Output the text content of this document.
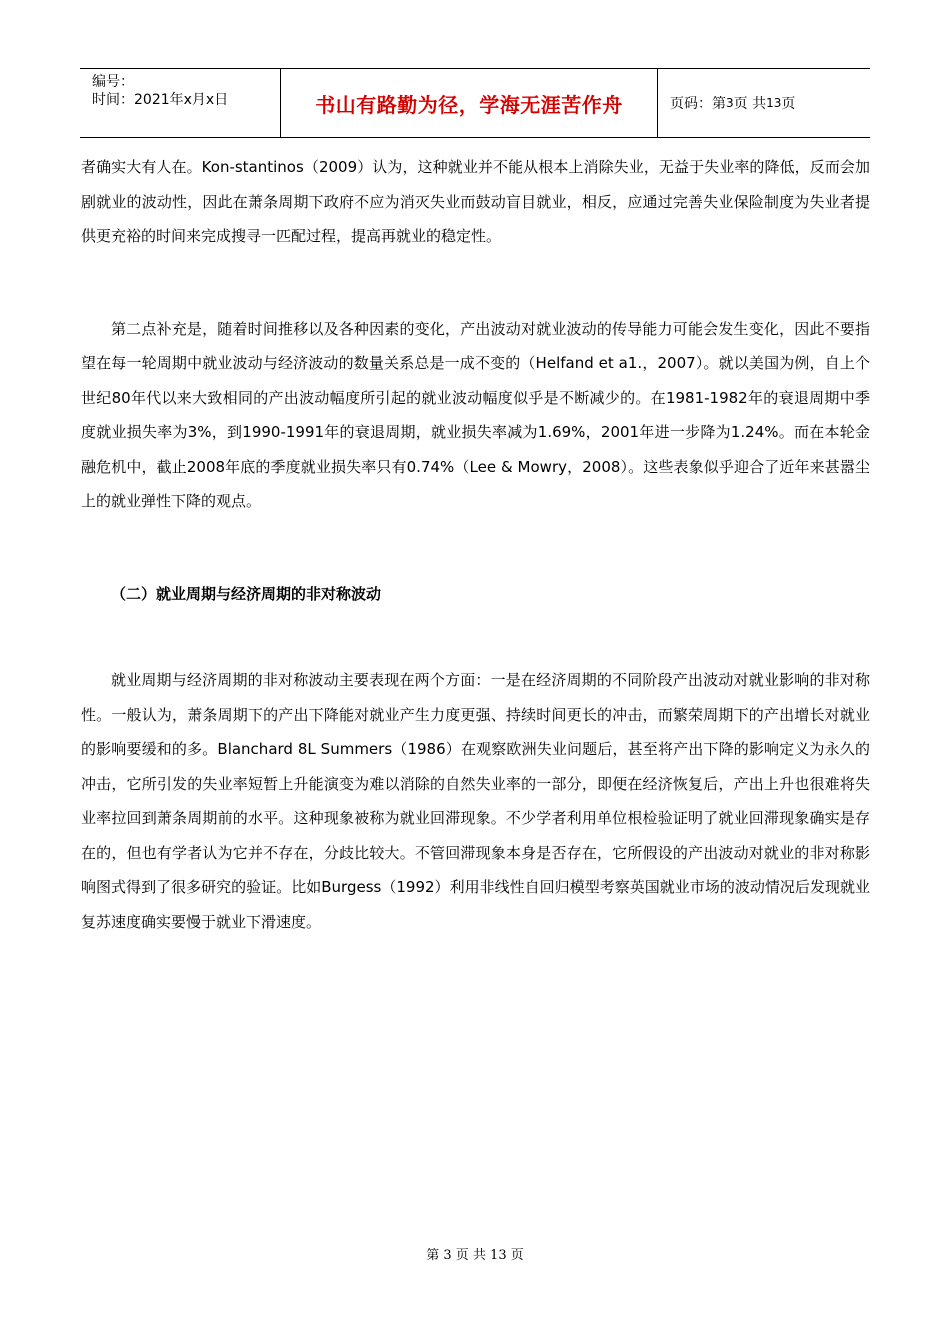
编号：
时间：2021年x月x日	书山有路勤为径，学海无涯苦作舟	页码：第 3 页 共 13 页

者确实大有人在。Kon-stantinos（2009）认为，这种就业并不能从根本上消除失业，无益于失业率的降低，反而会加剧就业的波动性，因此在萧条周期下政府不应为消灭失业而鼓动盲目就业，相反，应通过完善失业保险制度为失业者提供更充裕的时间来完成搜寻一匹配过程，提高再就业的稳定性。

第二点补充是，随着时间推移以及各种因素的变化，产出波动对就业波动的传导能力可能会发生变化，因此不要指望在每一轮周期中就业波动与经济波动的数量关系总是一成不变的（Helfand et a1.，2007）。就以美国为例，自上个世纪80年代以来大致相同的产出波动幅度所引起的就业波动幅度似乎是不断减少的。在1981-1982年的衰退周期中季度就业损失率为3%，到1990-1991年的衰退周期，就业损失率减为1.69%，2001年进一步降为1.24%。而在本轮金融危机中，截止2008年底的季度就业损失率只有0.74%（Lee & Mowry，2008）。这些表象似乎迎合了近年来甚嚣尘上的就业弹性下降的观点。

（二）就业周期与经济周期的非对称波动

就业周期与经济周期的非对称波动主要表现在两个方面：一是在经济周期的不同阶段产出波动对就业影响的非对称性。一般认为，萧条周期下的产出下降能对就业产生力度更强、持续时间更长的冲击，而繁荣周期下的产出增长对就业的影响要缓和的多。Blanchard 8L Summers（1986）在观察欧洲失业问题后，甚至将产出下降的影响定义为永久的冲击，它所引发的失业率短暂上升能演变为难以消除的自然失业率的一部分，即便在经济恢复后，产出上升也很难将失业率拉回到萧条周期前的水平。这种现象被称为就业回滞现象。不少学者利用单位根检验证明了就业回滞现象确实是存在的，但也有学者认为它并不存在，分歧比较大。不管回滞现象本身是否存在，它所假设的产出波动对就业的非对称影响图式得到了很多研究的验证。比如Burgess（1992）利用非线性自回归模型考察英国就业市场的波动情况后发现就业复苏速度确实要慢于就业下滑速度。

第 3 页 共 13 页
